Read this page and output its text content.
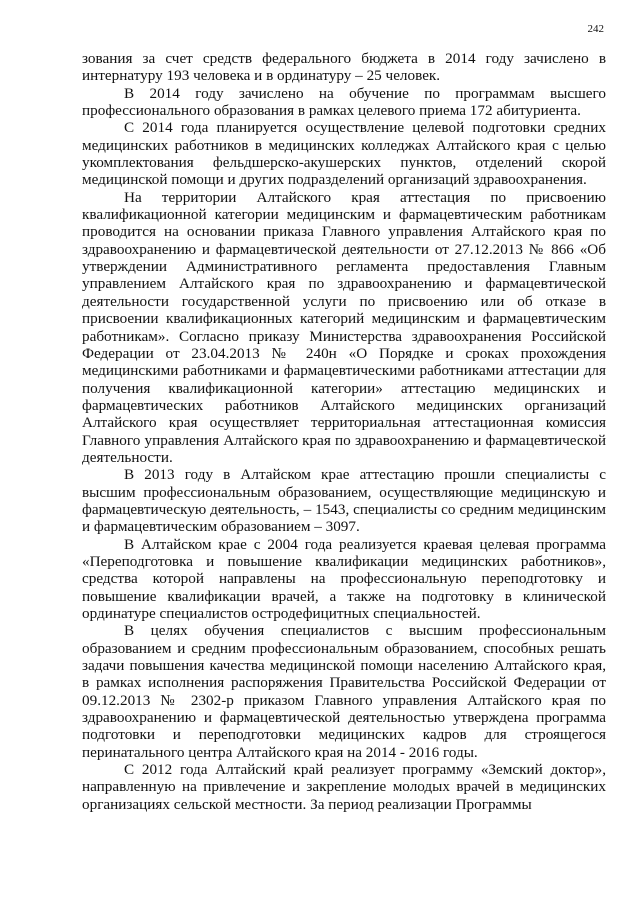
242

зования за счет средств федерального бюджета в 2014 году зачислено в интернатуру 193 человека и в ординатуру – 25 человек.

В 2014 году зачислено на обучение по программам высшего профессионального образования в рамках целевого приема 172 абитуриента.

С 2014 года планируется осуществление целевой подготовки средних медицинских работников в медицинских колледжах Алтайского края с целью укомплектования фельдшерско-акушерских пунктов, отделений скорой медицинской помощи и других подразделений организаций здравоохранения.

На территории Алтайского края аттестация по присвоению квалификационной категории медицинским и фармацевтическим работникам проводится на основании приказа Главного управления Алтайского края по здравоохранению и фармацевтической деятельности от 27.12.2013 № 866 «Об утверждении Административного регламента предоставления Главным управлением Алтайского края по здравоохранению и фармацевтической деятельности государственной услуги по присвоению или об отказе в присвоении квалификационных категорий медицинским и фармацевтическим работникам». Согласно приказу Министерства здравоохранения Российской Федерации от 23.04.2013 № 240н «О Порядке и сроках прохождения медицинскими работниками и фармацевтическими работниками аттестации для получения квалификационной категории» аттестацию медицинских и фармацевтических работников Алтайского медицинских организаций Алтайского края осуществляет территориальная аттестационная комиссия Главного управления Алтайского края по здравоохранению и фармацевтической деятельности.

В 2013 году в Алтайском крае аттестацию прошли специалисты с высшим профессиональным образованием, осуществляющие медицинскую и фармацевтическую деятельность, – 1543, специалисты со средним медицинским и фармацевтическим образованием – 3097.

В Алтайском крае с 2004 года реализуется краевая целевая программа «Переподготовка и повышение квалификации медицинских работников», средства которой направлены на профессиональную переподготовку и повышение квалификации врачей, а также на подготовку в клинической ординатуре специалистов остродефицитных специальностей.

В целях обучения специалистов с высшим профессиональным образованием и средним профессиональным образованием, способных решать задачи повышения качества медицинской помощи населению Алтайского края, в рамках исполнения распоряжения Правительства Российской Федерации от 09.12.2013 № 2302-р приказом Главного управления Алтайского края по здравоохранению и фармацевтической деятельностью утверждена программа подготовки и переподготовки медицинских кадров для строящегося перинатального центра Алтайского края на 2014 - 2016 годы.

С 2012 года Алтайский край реализует программу «Земский доктор», направленную на привлечение и закрепление молодых врачей в медицинских организациях сельской местности. За период реализации Программы
